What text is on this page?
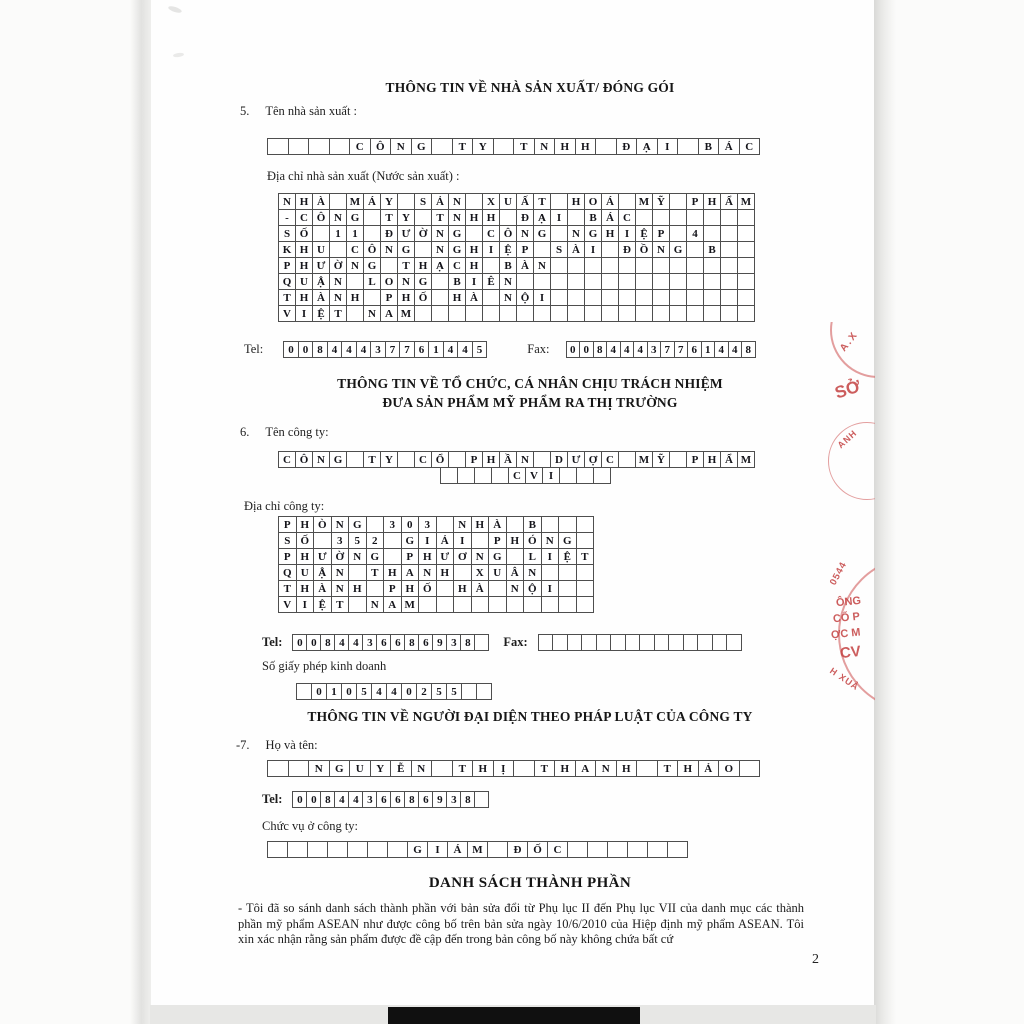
THÔNG TIN VỀ NHÀ SẢN XUẤT/ ĐÓNG GÓI
5. Tên nhà sản xuất :
C	Ô	N	G	T	Y	T	N	H	H	Đ	Ạ	I	B	Á	C
Địa chỉ nhà sản xuất (Nước sản xuất) :
N H À	M Á Y	S Ả N	X U Ấ T	H O Á	M Ỹ	P H Ẩ M
-	C Ô N G	T Y	T N H H	Đ Ạ I	B Á C
S Ố	1	1	Đ Ư Ờ N G	C Ô N G	N G H I	Ệ P	4
K H U	C Ô N G	N G H I	Ệ P	S À I	Đ Ồ N G	B
P H Ư Ờ N G	T H Ạ C H	B À N
Q U Ậ N	L O N G	B	I	Ê N
T H À N H	P H Ố	H À	N Ộ I
V I	Ệ T	N A M
Tel:	0 0 8 4 4 4 3 7 7 6 1 4 4 5	Fax:	0 0 8 4 4 4 3 7 7 6 1 4 4 8
THÔNG TIN VỀ TỔ CHỨC, CÁ NHÂN CHỊU TRÁCH NHIỆM
ĐƯA SẢN PHẨM MỸ PHẨM RA THỊ TRƯỜNG
6. Tên công ty:
C Ô N G	T Y	C Ổ	P H Ầ N	D Ư Ợ C	M Ỹ	P H Ẩ M
C V I
Địa chỉ công ty:
P H Ò N G	3	0	3	N H À	B
S Ố	3	5	2	G	I	Ả	I	P H Ó N G
P H Ư Ờ N G	P H Ư Ơ N G	L	I	Ệ T
Q U Ậ N	T H A N H	X U Â N
T H À N H	P H Ố	H À	N Ộ	I
V	I	Ệ T	N A M
Tel:	0 0 8 4 4 3 6 6 8 6 9 3 8	Fax:
Số giấy phép kinh doanh
0 1 0 5 4 4 0 2 5 5
THÔNG TIN VỀ NGƯỜI ĐẠI DIỆN THEO PHÁP LUẬT CỦA CÔNG TY
-7. Họ và tên:
N	G	U	Y	Ễ	N	T	H	Ị	T	H	A	N	H	T	H	Ả	O
Tel:	0 0 8 4 4 3 6 6 8 6 9 3 8
Chức vụ ở công ty:
G	I	Á M	Đ	Ố	C
DANH SÁCH THÀNH PHẦN
- Tôi đã so sánh danh sách thành phần với bản sửa đổi từ Phụ lục II đến Phụ lục VII của danh mục các thành phần mỹ phẩm ASEAN như được công bố trên bản sửa ngày 10/6/2010 của Hiệp định mỹ phẩm ASEAN. Tôi xin xác nhận rằng sản phẩm được đề cập đến trong bản công bố này không chứa bất cứ
2
A.X
SỞ
ANH
0544
ÔNG
CỔ P
ỢC M
CV
H XUÂ
